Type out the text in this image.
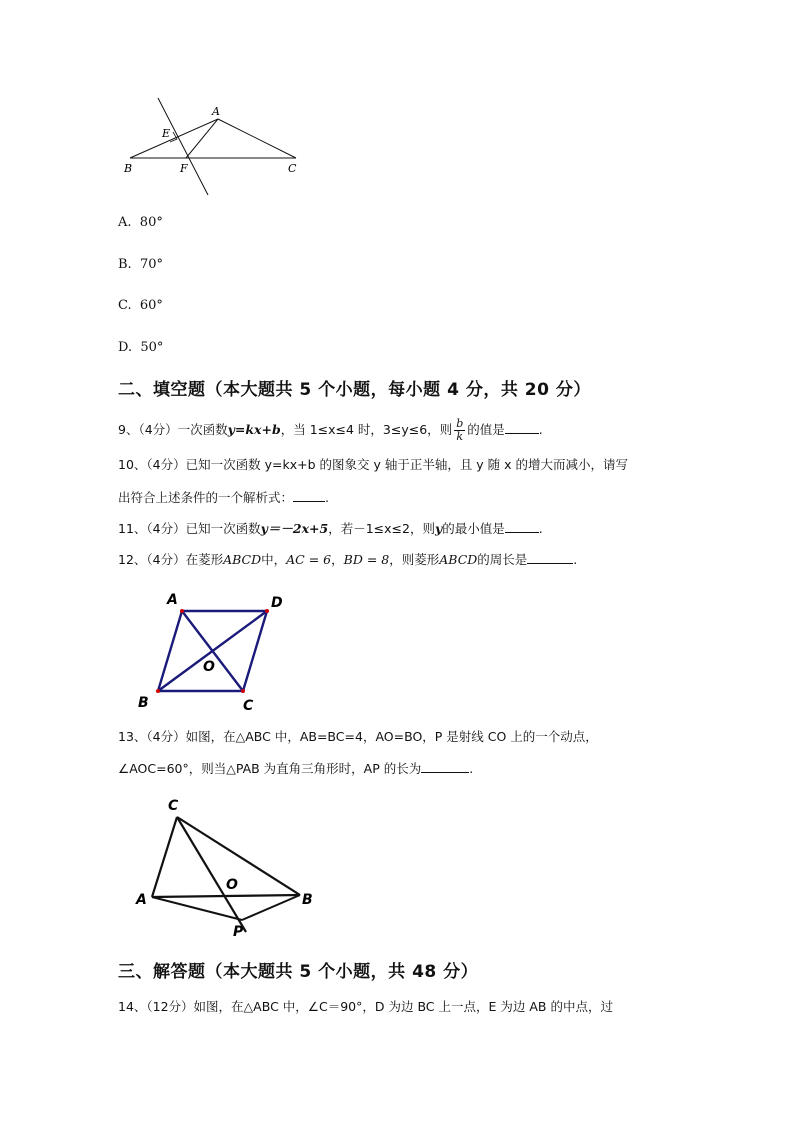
A
E
B	F	C
A. 80°
B. 70°
C. 60°
D. 50°
二、填空题（本大题共 5 个小题，每小题 4 分，共 20 分）
9、（4分）一次函数y=kx+b，当 1≤x≤4 时，3≤y≤6，则 $\frac{b}{k}$ 的值是	.
10、（4分）已知一次函数 y=kx+b 的图象交 y 轴于正半轴，且 y 随 x 的增大而减小，请写
出符合上述条件的一个解析式：	.
11、（4分）已知一次函数y＝－2x+5，若－1≤x≤2，则y的最小值是	.
12、（4分）在菱形ABCD中，AC = 6，BD = 8，则菱形ABCD的周长是	.
A	D
O
B	C
13、（4分）如图，在△ABC 中，AB=BC=4，AO=BO，P 是射线 CO 上的一个动点，
∠AOC=60°，则当△PAB 为直角三角形时，AP 的长为	.
C
A
O
B
P
三、解答题（本大题共 5 个小题，共 48 分）
14、（12分）如图，在△ABC 中，∠C＝90°，D 为边 BC 上一点，E 为边 AB 的中点，过
